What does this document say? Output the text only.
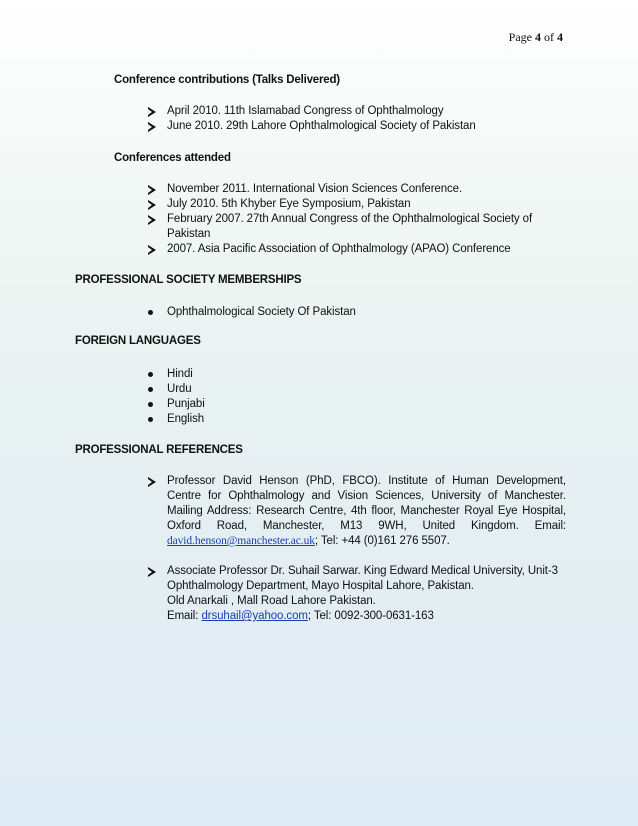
Page 4 of 4
Conference contributions (Talks Delivered)
April 2010. 11th Islamabad Congress of Ophthalmology
June 2010. 29th Lahore Ophthalmological Society of Pakistan
Conferences attended
November 2011. International Vision Sciences Conference.
July 2010. 5th Khyber Eye Symposium, Pakistan
February 2007. 27th Annual Congress of the Ophthalmological Society of Pakistan
2007. Asia Pacific Association of Ophthalmology (APAO) Conference
PROFESSIONAL SOCIETY MEMBERSHIPS
Ophthalmological Society Of Pakistan
FOREIGN LANGUAGES
Hindi
Urdu
Punjabi
English
PROFESSIONAL REFERENCES
Professor David Henson (PhD, FBCO). Institute of Human Development,
Centre for Ophthalmology and Vision Sciences, University of Manchester.
Mailing Address: Research Centre, 4th floor, Manchester Royal Eye Hospital,
Oxford Road, Manchester, M13 9WH, United Kingdom. Email:
david.henson@manchester.ac.uk; Tel: +44 (0)161 276 5507.
Associate Professor Dr. Suhail Sarwar. King Edward Medical University, Unit-3
Ophthalmology Department, Mayo Hospital Lahore, Pakistan.
Old Anarkali , Mall Road Lahore Pakistan.
Email: drsuhail@yahoo.com; Tel: 0092-300-0631-163
